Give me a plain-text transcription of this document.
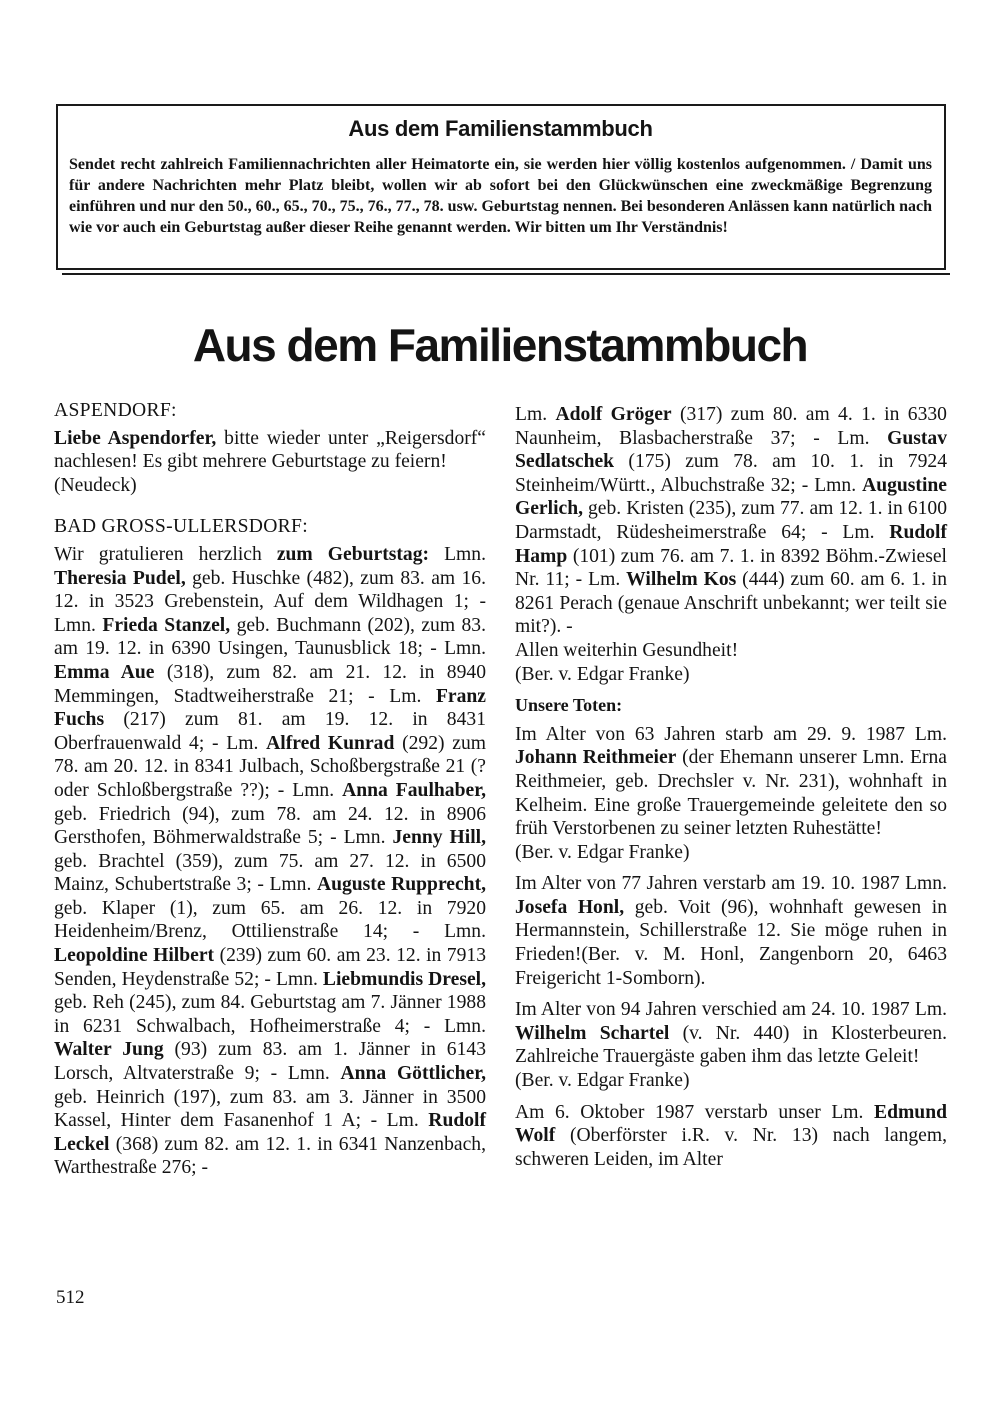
Aus dem Familienstammbuch

Sendet recht zahlreich Familiennachrichten aller Heimatorte ein, sie werden hier völlig kostenlos aufgenommen. / Damit uns für andere Nachrichten mehr Platz bleibt, wollen wir ab sofort bei den Glückwünschen eine zweckmäßige Begrenzung einführen und nur den 50., 60., 65., 70., 75., 76., 77., 78. usw. Geburtstag nennen. Bei besonderen Anlässen kann natürlich nach wie vor auch ein Geburtstag außer dieser Reihe genannt werden. Wir bitten um Ihr Verständnis!

Aus dem Familienstammbuch
ASPENDORF:

Liebe Aspendorfer, bitte wieder unter „Reigersdorf“ nachlesen! Es gibt mehrere Geburtstage zu feiern!

(Neudeck)

BAD GROSS-ULLERSDORF:

Wir gratulieren herzlich zum Geburtstag: Lmn. Theresia Pudel, geb. Huschke (482), zum 83. am 16. 12. in 3523 Grebenstein, Auf dem Wildhagen 1; - Lmn. Frieda Stanzel, geb. Buchmann (202), zum 83. am 19. 12. in 6390 Usingen, Taunusblick 18; - Lmn. Emma Aue (318), zum 82. am 21. 12. in 8940 Memmingen, Stadtweiherstraße 21; - Lm. Franz Fuchs (217) zum 81. am 19. 12. in 8431 Oberfrauenwald 4; - Lm. Alfred Kunrad (292) zum 78. am 20. 12. in 8341 Julbach, Schoßbergstraße 21 (? oder Schloßbergstraße ??); - Lmn. Anna Faulhaber, geb. Friedrich (94), zum 78. am 24. 12. in 8906 Gersthofen, Böhmerwaldstraße 5; - Lmn. Jenny Hill, geb. Brachtel (359), zum 75. am 27. 12. in 6500 Mainz, Schubertstraße 3; - Lmn. Auguste Rupprecht, geb. Klaper (1), zum 65. am 26. 12. in 7920 Heidenheim/Brenz, Ottilienstraße 14; - Lmn. Leopoldine Hilbert (239) zum 60. am 23. 12. in 7913 Senden, Heydenstraße 52; - Lmn. Liebmundis Dresel, geb. Reh (245), zum 84. Geburtstag am 7. Jänner 1988 in 6231 Schwalbach, Hofheimerstraße 4; - Lmn. Walter Jung (93) zum 83. am 1. Jänner in 6143 Lorsch, Altvaterstraße 9; - Lmn. Anna Göttlicher, geb. Heinrich (197), zum 83. am 3. Jänner in 3500 Kassel, Hinter dem Fasanenhof 1 A; - Lm. Rudolf Leckel (368) zum 82. am 12. 1. in 6341 Nanzenbach, Warthestraße 276; -

Lm. Adolf Gröger (317) zum 80. am 4. 1. in 6330 Naunheim, Blasbacherstraße 37; - Lm. Gustav Sedlatschek (175) zum 78. am 10. 1. in 7924 Steinheim/Württ., Albuchstraße 32; - Lmn. Augustine Gerlich, geb. Kristen (235), zum 77. am 12. 1. in 6100 Darmstadt, Rüdesheimerstraße 64; - Lm. Rudolf Hamp (101) zum 76. am 7. 1. in 8392 Böhm.-Zwiesel Nr. 11; - Lm. Wilhelm Kos (444) zum 60. am 6. 1. in 8261 Perach (genaue Anschrift unbekannt; wer teilt sie mit?). -

Allen weiterhin Gesundheit!

(Ber. v. Edgar Franke)

Unsere Toten:

Im Alter von 63 Jahren starb am 29. 9. 1987 Lm. Johann Reithmeier (der Ehemann unserer Lmn. Erna Reithmeier, geb. Drechsler v. Nr. 231), wohnhaft in Kelheim. Eine große Trauergemeinde geleitete den so früh Verstorbenen zu seiner letzten Ruhestätte!

(Ber. v. Edgar Franke)

Im Alter von 77 Jahren verstarb am 19. 10. 1987 Lmn. Josefa Honl, geb. Voit (96), wohnhaft gewesen in Hermannstein, Schillerstraße 12. Sie möge ruhen in Frieden!(Ber. v. M. Honl, Zangenborn 20, 6463 Freigericht 1-Somborn).

Im Alter von 94 Jahren verschied am 24. 10. 1987 Lm. Wilhelm Schartel (v. Nr. 440) in Klosterbeuren. Zahlreiche Trauergäste gaben ihm das letzte Geleit!

(Ber. v. Edgar Franke)

Am 6. Oktober 1987 verstarb unser Lm. Edmund Wolf (Oberförster i.R. v. Nr. 13) nach langem, schweren Leiden, im Alter

512
